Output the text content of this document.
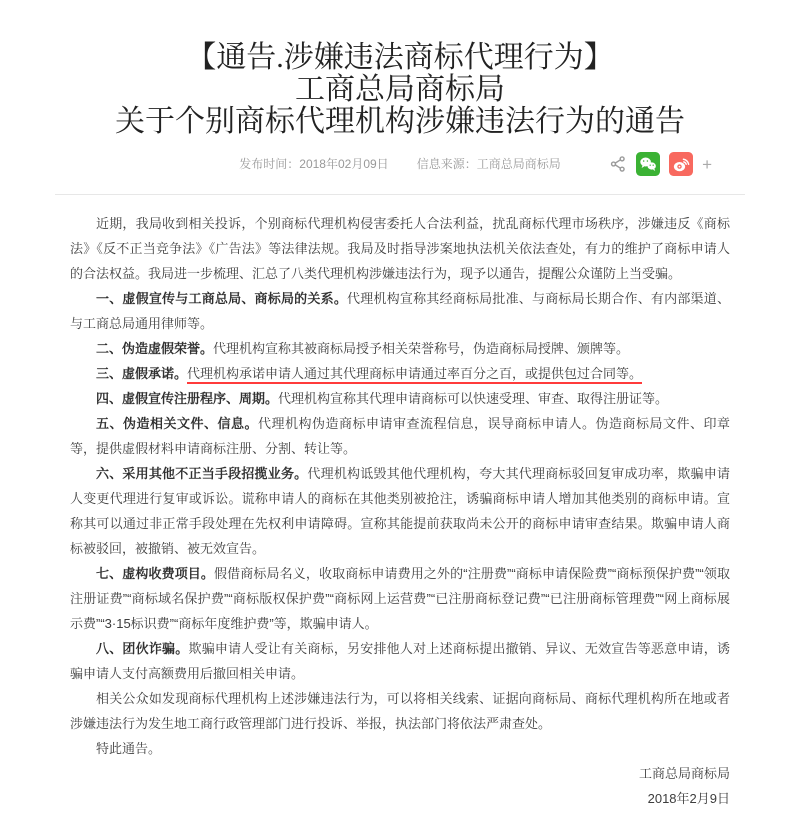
【通告.涉嫌违法商标代理行为】
工商总局商标局
关于个别商标代理机构涉嫌违法行为的通告
发布时间：2018年02月09日 信息来源：工商总局商标局	+

近期，我局收到相关投诉，个别商标代理机构侵害委托人合法利益，扰乱商标代理市场秩序，涉嫌违反《商标法》《反不正当竞争法》《广告法》等法律法规。我局及时指导涉案地执法机关依法查处，有力的维护了商标申请人的合法权益。我局进一步梳理、汇总了八类代理机构涉嫌违法行为，现予以通告，提醒公众谨防上当受骗。

一、虚假宣传与工商总局、商标局的关系。代理机构宣称其经商标局批准、与商标局长期合作、有内部渠道、与工商总局通用律师等。

二、伪造虚假荣誉。代理机构宣称其被商标局授予相关荣誉称号，伪造商标局授牌、颁牌等。

三、虚假承诺。代理机构承诺申请人通过其代理商标申请通过率百分之百，或提供包过合同等。

四、虚假宣传注册程序、周期。代理机构宣称其代理申请商标可以快速受理、审查、取得注册证等。

五、伪造相关文件、信息。代理机构伪造商标申请审查流程信息，误导商标申请人。伪造商标局文件、印章等，提供虚假材料申请商标注册、分割、转让等。

六、采用其他不正当手段招揽业务。代理机构诋毁其他代理机构，夸大其代理商标驳回复审成功率，欺骗申请人变更代理进行复审或诉讼。谎称申请人的商标在其他类别被抢注，诱骗商标申请人增加其他类别的商标申请。宣称其可以通过非正常手段处理在先权利申请障碍。宣称其能提前获取尚未公开的商标申请审查结果。欺骗申请人商标被驳回，被撤销、被无效宣告。

七、虚构收费项目。假借商标局名义，收取商标申请费用之外的“注册费”“商标申请保险费”“商标预保护费”“领取注册证费”“商标域名保护费”“商标版权保护费”“商标网上运营费”“已注册商标登记费”“已注册商标管理费”“网上商标展示费”“3·15标识费”“商标年度维护费”等，欺骗申请人。

八、团伙诈骗。欺骗申请人受让有关商标，另安排他人对上述商标提出撤销、异议、无效宣告等恶意申请，诱骗申请人支付高额费用后撤回相关申请。

相关公众如发现商标代理机构上述涉嫌违法行为，可以将相关线索、证据向商标局、商标代理机构所在地或者涉嫌违法行为发生地工商行政管理部门进行投诉、举报，执法部门将依法严肃查处。

特此通告。

工商总局商标局
2018年2月9日
